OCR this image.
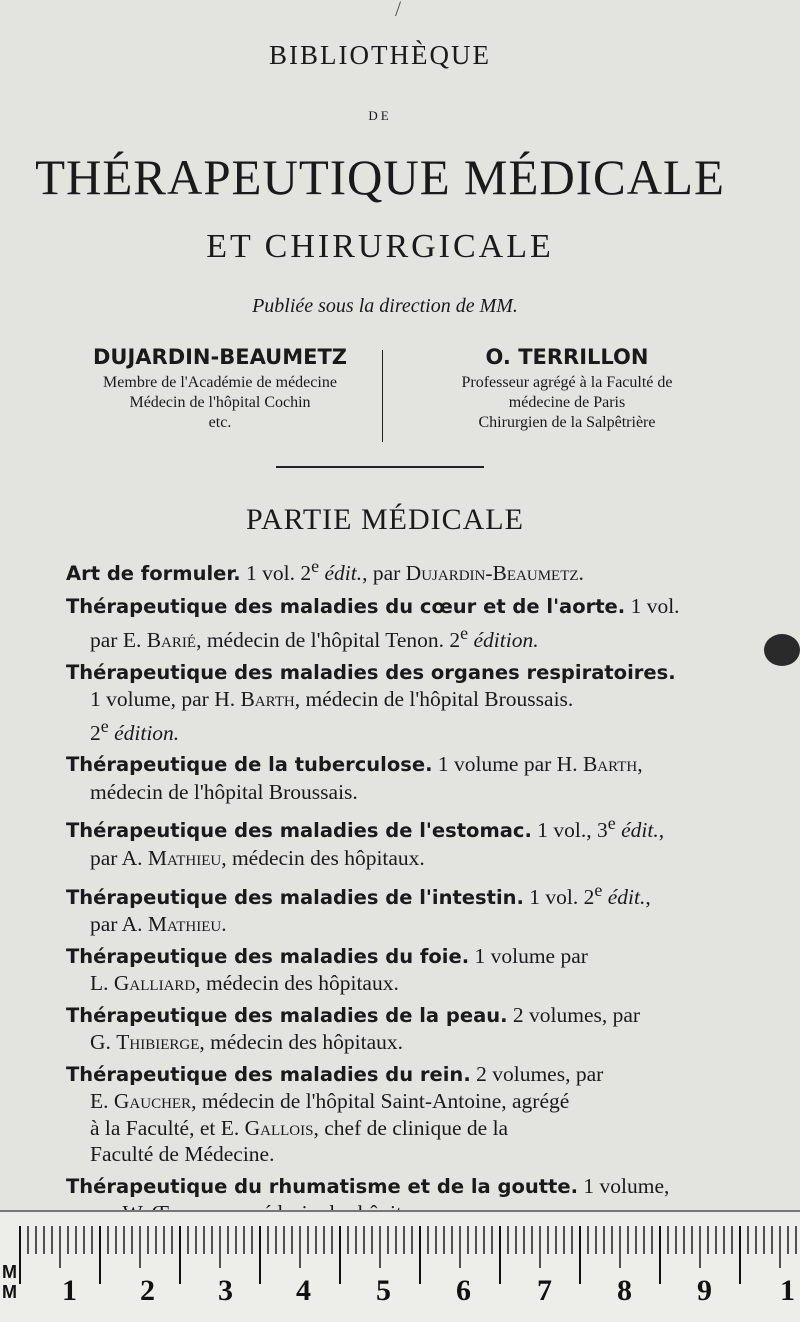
/
BIBLIOTHÈQUE
DE
THÉRAPEUTIQUE MÉDICALE
ET CHIRURGICALE
Publiée sous la direction de MM.
DUJARDIN-BEAUMETZ
Membre de l'Académie de médecine
Médecin de l'hôpital Cochin
etc.
O. TERRILLON
Professeur agrégé à la Faculté de
médecine de Paris
Chirurgien de la Salpêtrière
PARTIE MÉDICALE
Art de formuler. 1 vol. 2e édit., par Dujardin-Beaumetz.
Thérapeutique des maladies du cœur et de l'aorte. 1 vol.
par E. Barié, médecin de l'hôpital Tenon. 2e édition.
Thérapeutique des maladies des organes respiratoires.
1 volume, par H. Barth, médecin de l'hôpital Broussais.
2e édition.
Thérapeutique de la tuberculose. 1 volume par H. Barth,
médecin de l'hôpital Broussais.
Thérapeutique des maladies de l'estomac. 1 vol., 3e édit.,
par A. Mathieu, médecin des hôpitaux.
Thérapeutique des maladies de l'intestin. 1 vol. 2e édit.,
par A. Mathieu.
Thérapeutique des maladies du foie. 1 volume par
L. Galliard, médecin des hôpitaux.
Thérapeutique des maladies de la peau. 2 volumes, par
G. Thibierge, médecin des hôpitaux.
Thérapeutique des maladies du rein. 2 volumes, par
E. Gaucher, médecin de l'hôpital Saint-Antoine, agrégé
à la Faculté, et E. Gallois, chef de clinique de la
Faculté de Médecine.
Thérapeutique du rhumatisme et de la goutte. 1 volume,
M
M 1 2 3 4 5 6 7 8 9 1
